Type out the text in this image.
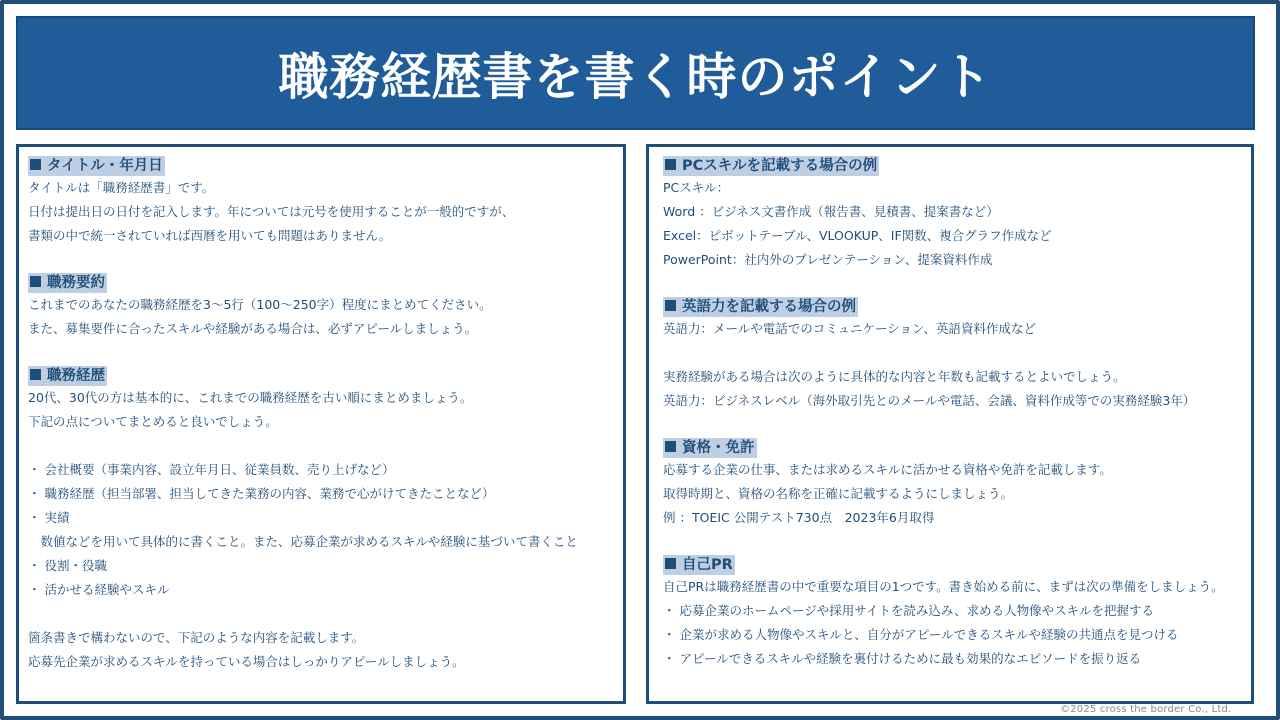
職務経歴書を書く時のポイント
タイトル・年月日
タイトルは「職務経歴書」です。
日付は提出日の日付を記入します。年については元号を使用することが一般的ですが、
書類の中で統一されていれば西暦を用いても問題はありません。
職務要約
これまでのあなたの職務経歴を3～5行（100～250字）程度にまとめてください。
また、募集要件に合ったスキルや経験がある場合は、必ずアピールしましょう。
職務経歴
20代、30代の方は基本的に、これまでの職務経歴を古い順にまとめましょう。
下記の点についてまとめると良いでしょう。
・ 会社概要（事業内容、設立年月日、従業員数、売り上げなど）
・ 職務経歴（担当部署、担当してきた業務の内容、業務で心がけてきたことなど）
・ 実績
　数値などを用いて具体的に書くこと。また、応募企業が求めるスキルや経験に基づいて書くこと
・ 役割・役職
・ 活かせる経験やスキル
箇条書きで構わないので、下記のような内容を記載します。
応募先企業が求めるスキルを持っている場合はしっかりアピールしましょう。
PCスキルを記載する場合の例
PCスキル：
Word ：ビジネス文書作成（報告書、見積書、提案書など）
Excel：ピボットテーブル、VLOOKUP、IF関数、複合グラフ作成など
PowerPoint：社内外のプレゼンテーション、提案資料作成
英語力を記載する場合の例
英語力：メールや電話でのコミュニケーション、英語資料作成など
実務経験がある場合は次のように具体的な内容と年数も記載するとよいでしょう。
英語力：ビジネスレベル（海外取引先とのメールや電話、会議、資料作成等での実務経験3年）
資格・免許
応募する企業の仕事、または求めるスキルに活かせる資格や免許を記載します。
取得時期と、資格の名称を正確に記載するようにしましょう。
例 ：TOEIC 公開テスト730点　2023年6月取得
自己PR
自己PRは職務経歴書の中で重要な項目の1つです。書き始める前に、まずは次の準備をしましょう。
・ 応募企業のホームページや採用サイトを読み込み、求める人物像やスキルを把握する
・ 企業が求める人物像やスキルと、自分がアピールできるスキルや経験の共通点を見つける
・ アピールできるスキルや経験を裏付けるために最も効果的なエピソードを振り返る
©2025 cross the border Co., Ltd.
